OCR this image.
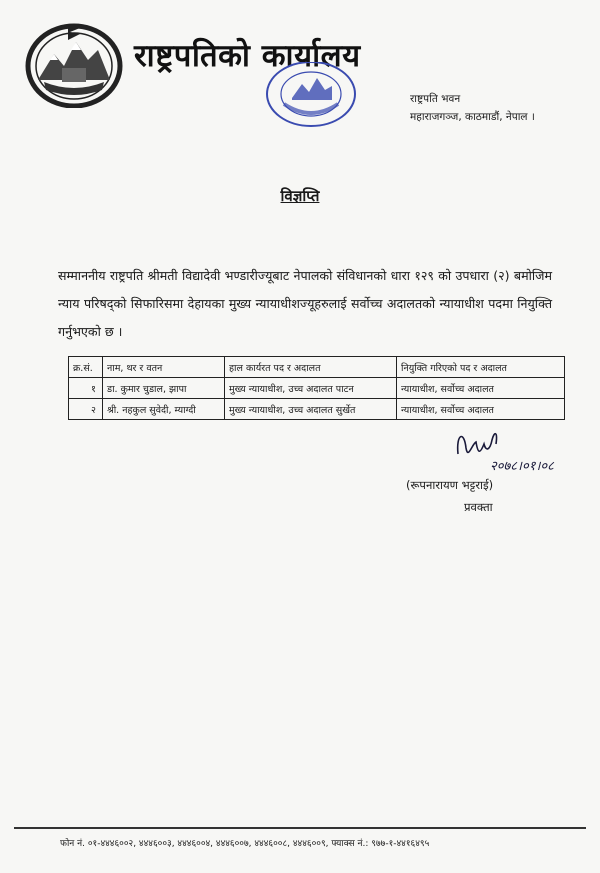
राष्ट्रपतिको कार्यालय
राष्ट्रपति भवन
महाराजगञ्ज, काठमाडौं, नेपाल ।
विज्ञप्ति
सम्माननीय राष्ट्रपति श्रीमती विद्यादेवी भण्डारीज्यूबाट नेपालको संविधानको धारा १२९ को उपधारा (२) बमोजिम न्याय परिषद्को सिफारिसमा देहायका मुख्य न्यायाधीशज्यूहरुलाई सर्वोच्च अदालतको न्यायाधीश पदमा नियुक्ति गर्नुभएको छ ।
क्र.सं.	नाम, थर र वतन	हाल कार्यरत पद र अदालत	नियुक्ति गरिएको पद र अदालत
१	डा. कुमार चुडाल, झापा	मुख्य न्यायाधीश, उच्च अदालत पाटन	न्यायाधीश, सर्वोच्च अदालत
२	श्री. नहकुल सुवेदी, म्याग्दी	मुख्य न्यायाधीश, उच्च अदालत सुर्खेत	न्यायाधीश, सर्वोच्च अदालत
२०७८।०१।०८
(रूपनारायण भट्टराई)
प्रवक्ता
फोन नं. ०१-४४४६००२, ४४४६००३, ४४४६००४, ४४४६००७, ४४४६००८, ४४४६००९, फ्याक्स नं.: ९७७-१-४४१६४९५
